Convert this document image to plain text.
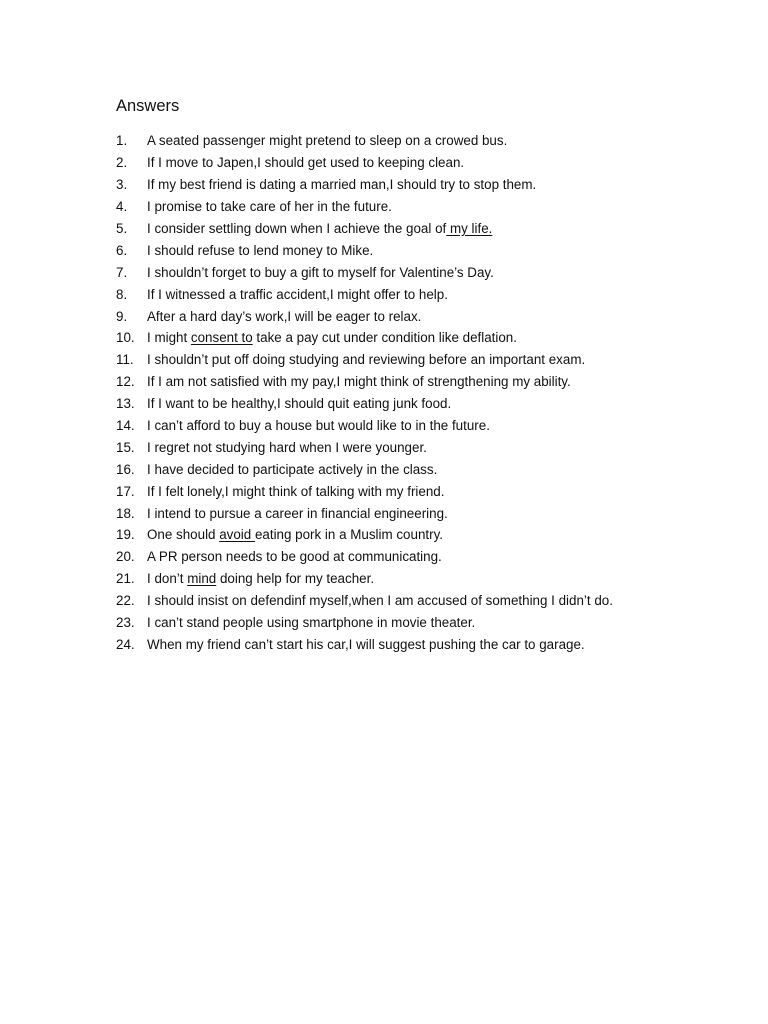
Answers
1.	A seated passenger might pretend to sleep on a crowed bus.
2.	If I move to Japen,I should get used to keeping clean.
3.	If my best friend is dating a married man,I should try to stop them.
4.	I promise to take care of her in the future.
5.	I consider settling down when I achieve the goal of my life.
6.	I should refuse to lend money to Mike.
7.	I shouldn’t forget to buy a gift to myself for Valentine’s Day.
8.	If I witnessed a traffic accident,I might offer to help.
9.	After a hard day’s work,I will be eager to relax.
10. I might consent to take a pay cut under condition like deflation.
11. I shouldn’t put off doing studying and reviewing before an important exam.
12. If I am not satisfied with my pay,I might think of strengthening my ability.
13. If I want to be healthy,I should quit eating junk food.
14. I can’t afford to buy a house but would like to in the future.
15. I regret not studying hard when I were younger.
16. I have decided to participate actively in the class.
17. If I felt lonely,I might think of talking with my friend.
18. I intend to pursue a career in financial engineering.
19. One should avoid eating pork in a Muslim country.
20. A PR person needs to be good at communicating.
21. I don’t mind doing help for my teacher.
22. I should insist on defendinf myself,when I am accused of something I didn’t do.
23. I can’t stand people using smartphone in movie theater.
24. When my friend can’t start his car,I will suggest pushing the car to garage.
